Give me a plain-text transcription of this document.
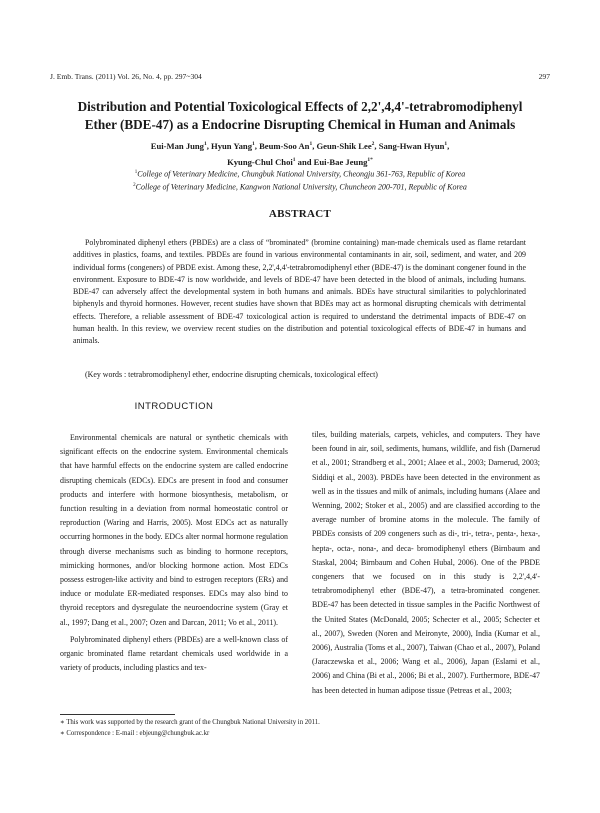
J. Emb. Trans. (2011) Vol. 26, No. 4, pp. 297~304	297
Distribution and Potential Toxicological Effects of 2,2',4,4'-tetrabromodiphenyl
Ether (BDE-47) as a Endocrine Disrupting Chemical in Human and Animals
Eui-Man Jung$^1$, Hyun Yang$^1$, Beum-Soo An$^1$, Geun-Shik Lee$^2$, Sang-Hwan Hyun$^1$,
Kyung-Chul Choi$^1$ and Eui-Bae Jeung$^{1*}$
$^1$College of Veterinary Medicine, Chungbuk National University, Cheongju 361-763, Republic of Korea
$^2$College of Veterinary Medicine, Kangwon National University, Chuncheon 200-701, Republic of Korea
ABSTRACT
Polybrominated diphenyl ethers (PBDEs) are a class of “brominated” (bromine containing) man-made chemicals used as flame retardant additives in plastics, foams, and textiles. PBDEs are found in various environmental contaminants in air, soil, sediment, and water, and 209 individual forms (congeners) of PBDE exist. Among these, 2,2',4,4'-tetrabromodiphenyl ether (BDE-47) is the dominant congener found in the environment. Exposure to BDE-47 is now worldwide, and levels of BDE-47 have been detected in the blood of animals, including humans. BDE-47 can adversely affect the developmental system in both humans and animals. BDEs have structural similarities to polychlorinated biphenyls and thyroid hormones. However, recent studies have shown that BDEs may act as hormonal disrupting chemicals with detrimental effects. Therefore, a reliable assessment of BDE-47 toxicological action is required to understand the detrimental impacts of BDE-47 on human health. In this review, we overview recent studies on the distribution and potential toxicological effects of BDE-47 in humans and animals.
(Key words : tetrabromodiphenyl ether, endocrine disrupting chemicals, toxicological effect)
INTRODUCTION

Environmental chemicals are natural or synthetic chemicals with significant effects on the endocrine system. Environmental chemicals that have harmful effects on the endocrine system are called endocrine disrupting chemicals (EDCs). EDCs are present in food and consumer products and interfere with hormone biosynthesis, metabolism, or function resulting in a deviation from normal homeostatic control or reproduction (Waring and Harris, 2005). Most EDCs act as naturally occurring hormones in the body. EDCs alter normal hormone regulation through diverse mechanisms such as binding to hormone receptors, mimicking hormones, and/or blocking hormone action. Most EDCs possess estrogen-like activity and bind to estrogen receptors (ERs) and induce or modulate ER-mediated responses. EDCs may also bind to thyroid receptors and dysregulate the neuroendocrine system (Gray et al., 1997; Dang et al., 2007; Ozen and Darcan, 2011; Vo et al., 2011).

Polybrominated diphenyl ethers (PBDEs) are a well-known class of organic brominated flame retardant chemicals used worldwide in a variety of products, including plastics and tex-

tiles, building materials, carpets, vehicles, and computers. They have been found in air, soil, sediments, humans, wildlife, and fish (Darnerud et al., 2001; Strandberg et al., 2001; Alaee et al., 2003; Darnerud, 2003; Siddiqi et al., 2003). PBDEs have been detected in the environment as well as in the tissues and milk of animals, including humans (Alaee and Wenning, 2002; Stoker et al., 2005) and are classified according to the average number of bromine atoms in the molecule. The family of PBDEs consists of 209 congeners such as di-, tri-, tetra-, penta-, hexa-, hepta-, octa-, nona-, and deca- bromodiphenyl ethers (Birnbaum and Staskal, 2004; Birnbaum and Cohen Hubal, 2006). One of the PBDE congeners that we focused on in this study is 2,2',4,4'-tetrabromodiphenyl ether (BDE-47), a tetra-brominated congener. BDE-47 has been detected in tissue samples in the Pacific Northwest of the United States (McDonald, 2005; Schecter et al., 2005; Schecter et al., 2007), Sweden (Noren and Meironyte, 2000), India (Kumar et al., 2006), Australia (Toms et al., 2007), Taiwan (Chao et al., 2007), Poland (Jaraczewska et al., 2006; Wang et al., 2006), Japan (Eslami et al., 2006) and China (Bi et al., 2006; Bi et al., 2007). Furthermore, BDE-47 has been detected in human adipose tissue (Petreas et al., 2003;

∗ This work was supported by the research grant of the Chungbuk National University in 2011.
∗ Correspondence : E-mail : ebjeung@chungbuk.ac.kr
